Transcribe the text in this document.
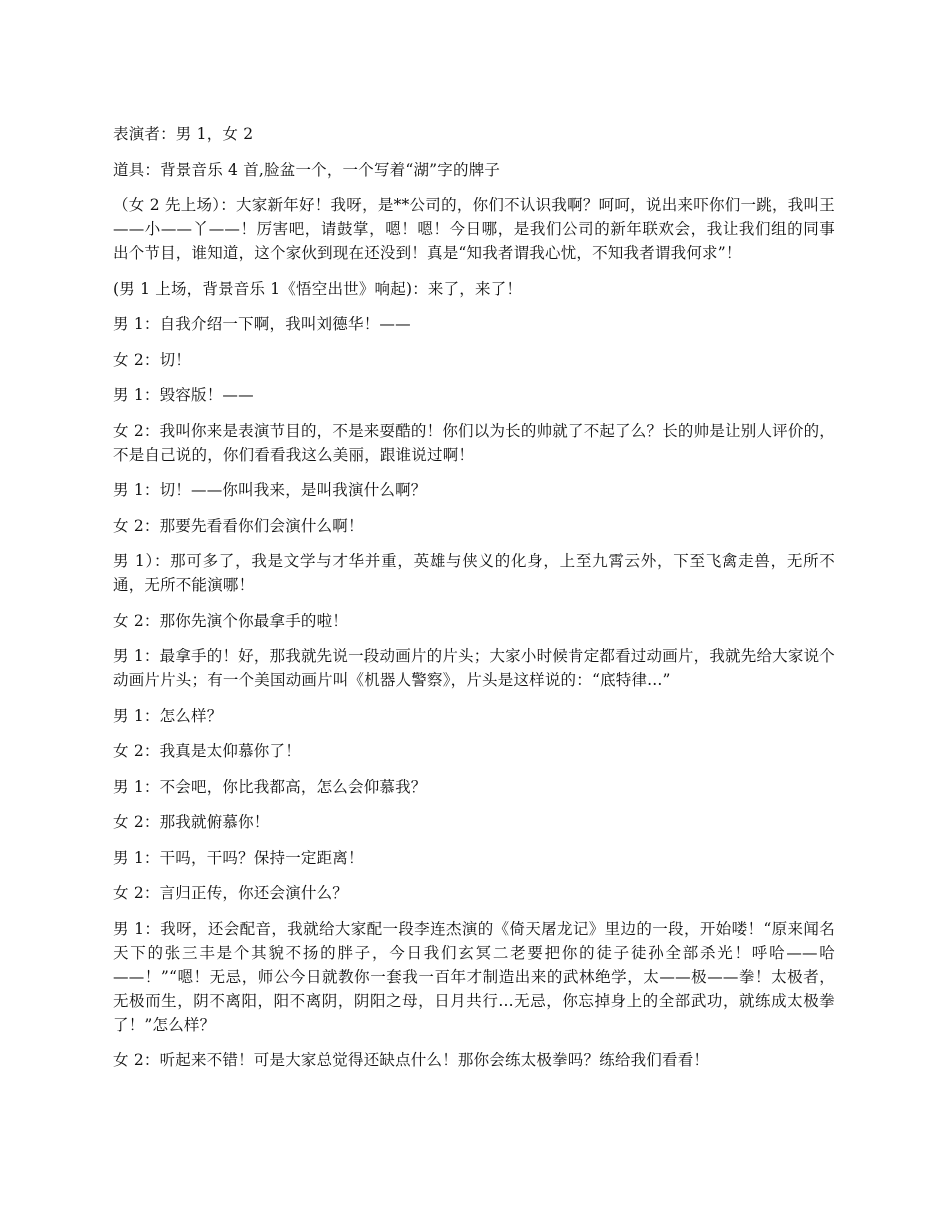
表演者：男 1，女 2

道具：背景音乐 4 首,脸盆一个，一个写着“湖”字的牌子

（女 2 先上场）：大家新年好！我呀，是**公司的，你们不认识我啊？呵呵，说出来吓你们一跳，我叫王——小——丫——！厉害吧，请鼓掌，嗯！嗯！今日哪，是我们公司的新年联欢会，我让我们组的同事出个节目，谁知道，这个家伙到现在还没到！真是“知我者谓我心忧，不知我者谓我何求”！

(男 1 上场，背景音乐 1《悟空出世》响起)：来了，来了！

男 1：自我介绍一下啊，我叫刘德华！——

女 2：切！

男 1：毁容版！——

女 2：我叫你来是表演节目的，不是来耍酷的！你们以为长的帅就了不起了么？长的帅是让别人评价的，不是自己说的，你们看看我这么美丽，跟谁说过啊！

男 1：切！——你叫我来，是叫我演什么啊？

女 2：那要先看看你们会演什么啊！

男 1）：那可多了，我是文学与才华并重，英雄与侠义的化身，上至九霄云外，下至飞禽走兽，无所不通，无所不能演哪！

女 2：那你先演个你最拿手的啦！

男 1：最拿手的！好，那我就先说一段动画片的片头；大家小时候肯定都看过动画片，我就先给大家说个动画片片头；有一个美国动画片叫《机器人警察》，片头是这样说的：“底特律...”

男 1：怎么样？

女 2：我真是太仰慕你了！

男 1：不会吧，你比我都高，怎么会仰慕我？

女 2：那我就俯慕你！

男 1：干吗，干吗？保持一定距离！

女 2：言归正传，你还会演什么？

男 1：我呀，还会配音，我就给大家配一段李连杰演的《倚天屠龙记》里边的一段，开始喽！“原来闻名天下的张三丰是个其貌不扬的胖子，今日我们玄冥二老要把你的徒子徒孙全部杀光！呼哈——哈——！”“嗯！无忌，师公今日就教你一套我一百年才制造出来的武林绝学，太——极——拳！太极者，无极而生，阴不离阳，阳不离阴，阴阳之母，日月共行...无忌，你忘掉身上的全部武功，就练成太极拳了！”怎么样？

女 2：听起来不错！可是大家总觉得还缺点什么！那你会练太极拳吗？练给我们看看！
